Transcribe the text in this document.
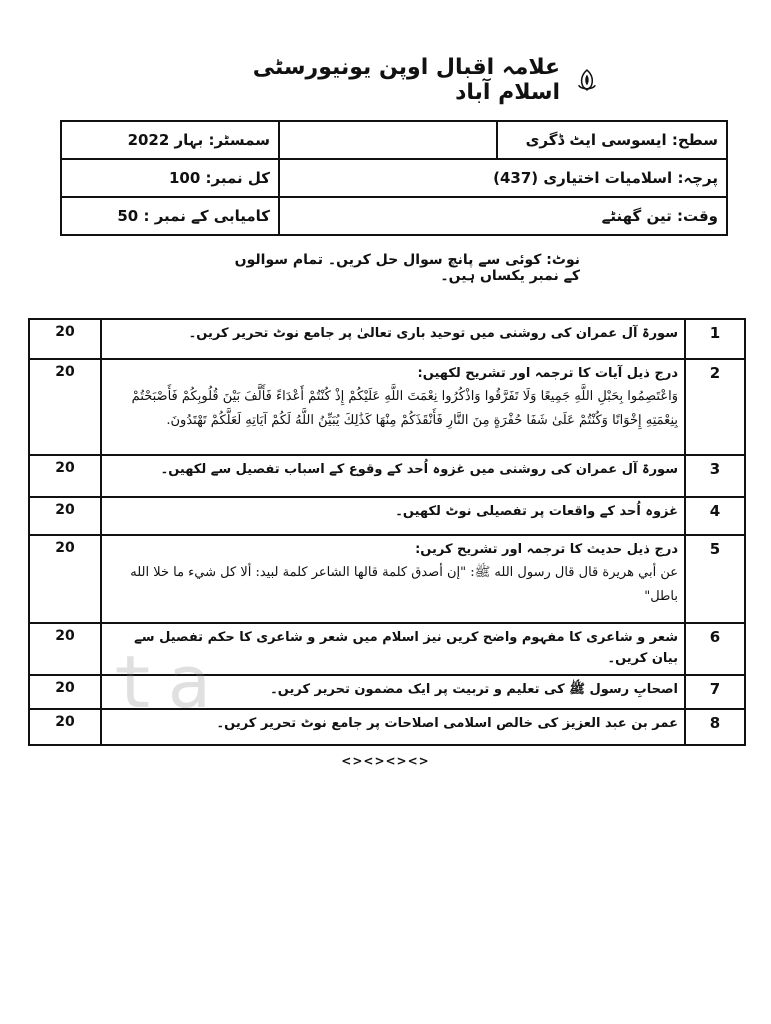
علامہ اقبال اوپن یونیورسٹی اسلام آباد
سطح: ایسوسی ایٹ ڈگری		سمسٹر: بہار 2022
پرچہ: اسلامیات اختیاری (437)		کل نمبر: 100
وقت: تین گھنٹے		کامیابی کے نمبر : 50
نوٹ: کوئی سے پانچ سوال حل کریں۔ تمام سوالوں کے نمبر یکساں ہیں۔
1	سورۃ آل عمران کی روشنی میں توحید باری تعالیٰ پر جامع نوٹ تحریر کریں۔	20
2	درج ذیل آیات کا ترجمہ اور تشریح لکھیں:
وَاعْتَصِمُوا بِحَبْلِ اللَّهِ جَمِيعًا وَلَا تَفَرَّقُوا وَاذْكُرُوا نِعْمَتَ اللَّهِ عَلَيْكُمْ إِذْ كُنْتُمْ أَعْدَاءً فَأَلَّفَ بَيْنَ قُلُوبِكُمْ فَأَصْبَحْتُمْ بِنِعْمَتِهِ إِخْوَانًا وَكُنْتُمْ عَلَىٰ شَفَا حُفْرَةٍ مِنَ النَّارِ فَأَنْقَذَكُمْ مِنْهَا كَذَٰلِكَ يُبَيِّنُ اللَّهُ لَكُمْ آيَاتِهِ لَعَلَّكُمْ تَهْتَدُونَ.	20
3	سورۃ آل عمران کی روشنی میں غزوہ اُحد کے وقوع کے اسباب تفصیل سے لکھیں۔	20
4	غزوہ اُحد کے واقعات پر تفصیلی نوٹ لکھیں۔	20
5	درج ذیل حدیث کا ترجمہ اور تشریح کریں:
عن أبي هريرة قال قال رسول الله ﷺ: "إن أصدق كلمة قالها الشاعر كلمة لبيد: ألا كل شيء ما خلا الله باطل"	20
6	شعر و شاعری کا مفہوم واضح کریں نیز اسلام میں شعر و شاعری کا حکم تفصیل سے بیان کریں۔	20
7	اصحابِ رسول ﷺ کی تعلیم و تربیت پر ایک مضمون تحریر کریں۔	20
8	عمر بن عبد العزیز کی خالص اسلامی اصلاحات پر جامع نوٹ تحریر کریں۔	20 ta
<><><><>
